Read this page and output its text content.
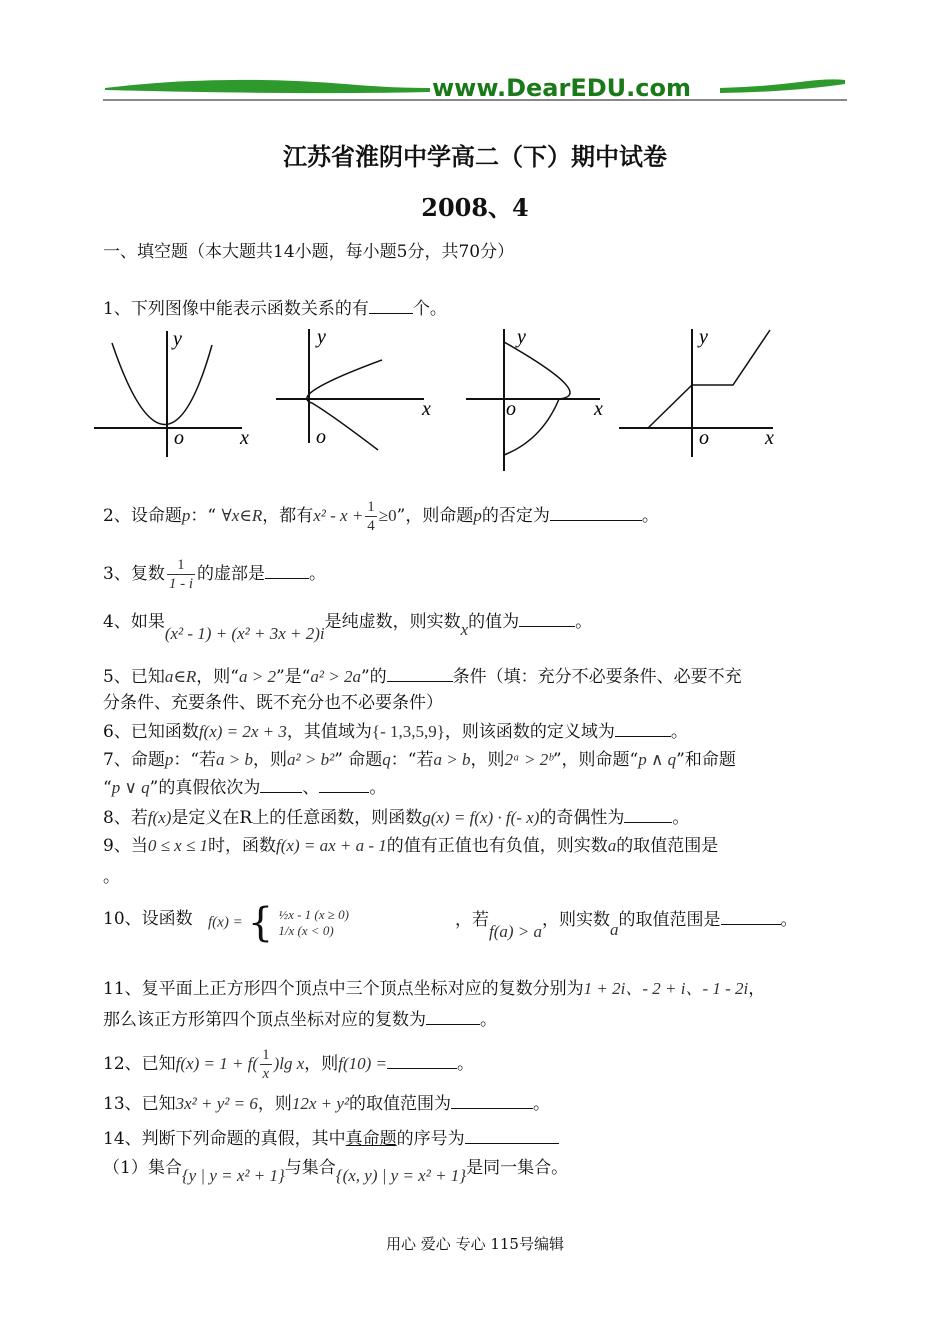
www.DearEDU.com
江苏省淮阴中学高二（下）期中试卷
2008、4
一、填空题（本大题共14小题，每小题5分，共70分）
1、下列图像中能表示函数关系的有	个。
y
o	x
y
o
x
y
o	x
y
o	x
2、设命题p：“ ∀x∈R，都有$x^2 - x + \frac{1}{4} \ge 0$”，则命题p的否定为	。
3、复数 $\frac{1}{1 - i}$ 的虚部是	。
4、如果(x² - 1) + (x² + 3x + 2)i是纯虚数，则实数x的值为	。
5、已知a∈R，则“a > 2”是“a² > 2a”的	条件（填：充分不必要条件、必要不充
分条件、充要条件、既不充分也不必要条件）
6、已知函数f(x) = 2x + 3，其值域为{- 1,3,5,9}，则该函数的定义域为	。
7、命题p：“若a > b，则a² > b²” 命题q：“若a > b，则2ᵃ > 2ᵇ”，则命题“p ∧ q”和命题
“p ∨ q”的真假依次为 、	。
8、若f(x)是定义在R上的任意函数，则函数g(x) = f(x) · f(- x)的奇偶性为	。
9、当0 ≤ x ≤ 1时，函数f(x) = ax + a - 1的值有正值也有负值，则实数a的取值范围是
。
10、设函数 f(x) = { ½x - 1 (x ≥ 0)
1/x (x < 0)
，若f(a) > a，则实数a的取值范围是	。
11、复平面上正方形四个顶点中三个顶点坐标对应的复数分别为1 + 2i、- 2 + i、- 1 - 2i，
那么该正方形第四个顶点坐标对应的复数为	。
12、已知$f(x) = 1 + f( \frac{1}{x} )\lg$ x，则f(10) =	。
13、已知3x² + y² = 6，则12x + y²的取值范围为	。
14、判断下列命题的真假，其中真命题的序号为
（1）集合{y | y = x² + 1}与集合{(x, y) | y = x² + 1}是同一集合。
用心 爱心 专心 115号编辑
